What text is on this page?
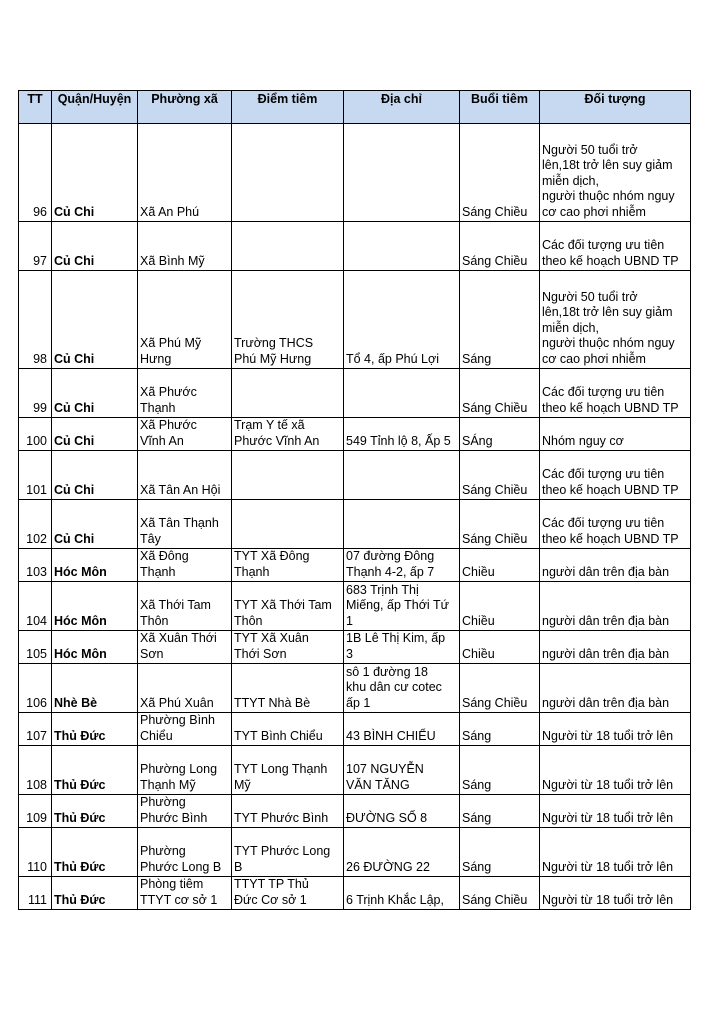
TT	Quận/Huyện	Phường xã	Điểm tiêm	Địa chỉ	Buổi tiêm	Đối tượng
96	Củ Chi	Xã An Phú			Sáng Chiều	Người 50 tuổi trở
lên,18t trở lên suy giảm
miễn dịch,
người thuộc nhóm nguy
cơ cao phơi nhiễm
97	Củ Chi	Xã Bình Mỹ			Sáng Chiều	Các đối tượng ưu tiên
theo kế hoạch UBND TP
98	Củ Chi	Xã Phú Mỹ
Hưng	Trường THCS
Phú Mỹ Hưng	Tổ 4, ấp Phú Lợi	Sáng	Người 50 tuổi trở
lên,18t trở lên suy giảm
miễn dịch,
người thuộc nhóm nguy
cơ cao phơi nhiễm
99	Củ Chi	Xã Phước
Thạnh			Sáng Chiều	Các đối tượng ưu tiên
theo kế hoạch UBND TP
100	Củ Chi	Xã Phước
Vĩnh An	Trạm Y tế xã
Phước Vĩnh An	549 Tỉnh lộ 8, Ấp 5	SÁng	Nhóm nguy cơ
101	Củ Chi	Xã Tân An Hội			Sáng Chiều	Các đối tượng ưu tiên
theo kế hoạch UBND TP
102	Củ Chi	Xã Tân Thạnh
Tây			Sáng Chiều	Các đối tượng ưu tiên
theo kế hoạch UBND TP
103	Hóc Môn	Xã Đông
Thạnh	TYT Xã Đông
Thạnh	07 đường Đông
Thạnh 4-2, ấp 7	Chiều	người dân trên địa bàn
104	Hóc Môn	Xã Thới Tam
Thôn	TYT Xã Thới Tam
Thôn	683 Trịnh Thị
Miếng, ấp Thới Tứ
1	Chiều	người dân trên địa bàn
105	Hóc Môn	Xã Xuân Thới
Sơn	TYT Xã Xuân
Thới Sơn	1B Lê Thị Kim, ấp
3	Chiều	người dân trên địa bàn
106	Nhè Bè	Xã Phú Xuân	TTYT Nhà Bè	sô 1 đường 18
khu dân cư cotec
ấp 1	Sáng Chiều	người dân trên địa bàn
107	Thủ Đức	Phường Bình
Chiểu	TYT Bình Chiểu	43 BÌNH CHIỂU	Sáng	Người từ 18 tuổi trở lên
108	Thủ Đức	Phường Long
Thạnh Mỹ	TYT Long Thạnh
Mỹ	107 NGUYỄN
VĂN TĂNG	Sáng	Người từ 18 tuổi trở lên
109	Thủ Đức	Phường
Phước Bình	TYT Phước Bình	ĐƯỜNG SỐ 8	Sáng	Người từ 18 tuổi trở lên
110	Thủ Đức	Phường
Phước Long B	TYT Phước Long
B	26 ĐƯỜNG 22	Sáng	Người từ 18 tuổi trở lên
111	Thủ Đức	Phòng tiêm
TTYT cơ sở 1	TTYT TP Thủ
Đức Cơ sở 1	6 Trịnh Khắc Lập,	Sáng Chiều	Người từ 18 tuổi trở lên
